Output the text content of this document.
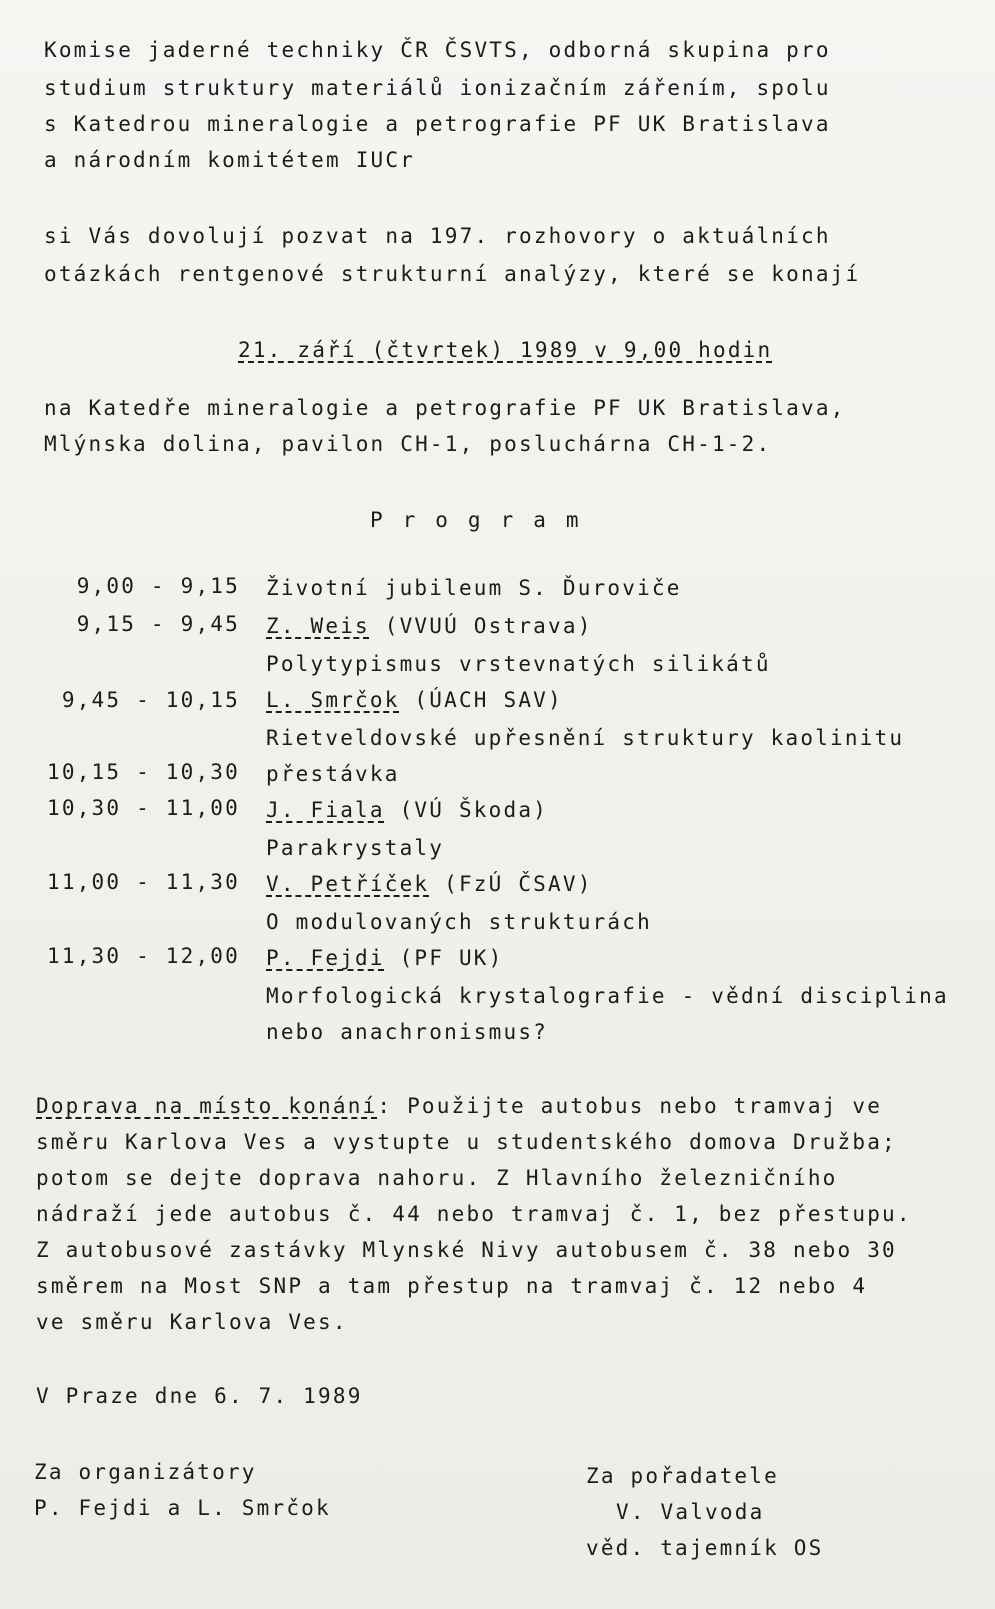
Komise jaderné techniky ČR ČSVTS, odborná skupina pro
studium struktury materiálů ionizačním zářením, spolu
s Katedrou mineralogie a petrografie PF UK Bratislava
a národním komitétem IUCr
si Vás dovolují pozvat na 197. rozhovory o aktuálních
otázkách rentgenové strukturní analýzy, které se konají
21. září (čtvrtek) 1989 v 9,00 hodin
na Katedře mineralogie a petrografie PF UK Bratislava,
Mlýnska dolina, pavilon CH-1, posluchárna CH-1-2.
Program
9,00 - 9,15 Životní jubileum S. Ďuroviče
9,15 - 9,45 Z. Weis (VVUÚ Ostrava)
Polytypismus vrstevnatých silikátů
9,45 - 10,15 L. Smrčok (ÚACH SAV)
Rietveldovské upřesnění struktury kaolinitu
10,15 - 10,30 přestávka
10,30 - 11,00 J. Fiala (VÚ Škoda)
Parakrystaly
11,00 - 11,30 V. Petříček (FzÚ ČSAV)
O modulovaných strukturách
11,30 - 12,00 P. Fejdi (PF UK)
Morfologická krystalografie - vědní disciplina
nebo anachronismus?
Doprava na místo konání: Použijte autobus nebo tramvaj ve
směru Karlova Ves a vystupte u studentského domova Družba;
potom se dejte doprava nahoru. Z Hlavního železničního
nádraží jede autobus č. 44 nebo tramvaj č. 1, bez přestupu.
Z autobusové zastávky Mlynské Nivy autobusem č. 38 nebo 30
směrem na Most SNP a tam přestup na tramvaj č. 12 nebo 4
ve směru Karlova Ves.
V Praze dne 6. 7. 1989
Za organizátory
P. Fejdi a L. Smrčok
Za pořadatele
V. Valvoda
věd. tajemník OS
